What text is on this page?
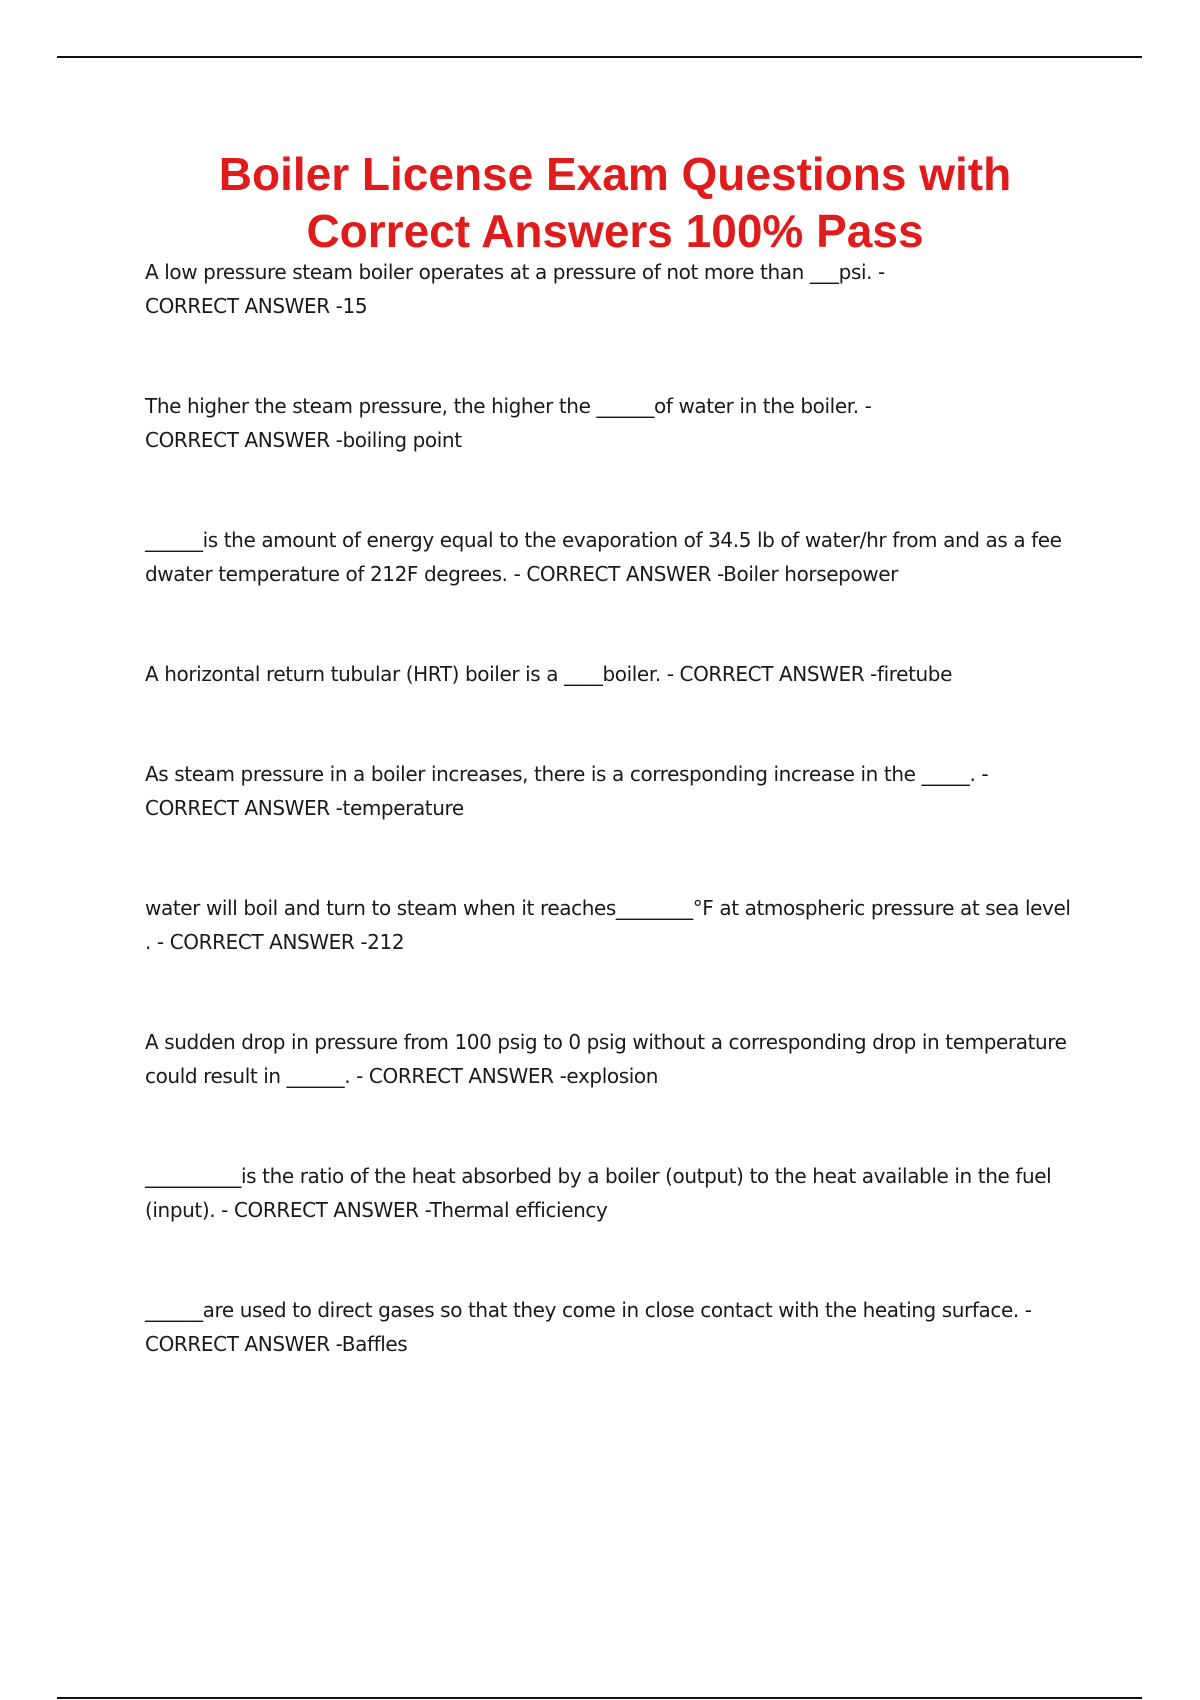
Boiler License Exam Questions with
Correct Answers 100% Pass
A low pressure steam boiler operates at a pressure of not more than ___psi. -
CORRECT ANSWER -15
The higher the steam pressure, the higher the ______of water in the boiler. -
CORRECT ANSWER -boiling point
______is the amount of energy equal to the evaporation of 34.5 lb of water/hr from and as a fee
dwater temperature of 212F degrees. - CORRECT ANSWER -Boiler horsepower
A horizontal return tubular (HRT) boiler is a ____boiler. - CORRECT ANSWER -firetube
As steam pressure in a boiler increases, there is a corresponding increase in the _____. -
CORRECT ANSWER -temperature
water will boil and turn to steam when it reaches________°F at atmospheric pressure at sea level
. - CORRECT ANSWER -212
A sudden drop in pressure from 100 psig to 0 psig without a corresponding drop in temperature
could result in ______. - CORRECT ANSWER -explosion
__________is the ratio of the heat absorbed by a boiler (output) to the heat available in the fuel
(input). - CORRECT ANSWER -Thermal efficiency
______are used to direct gases so that they come in close contact with the heating surface. -
CORRECT ANSWER -Baffles
